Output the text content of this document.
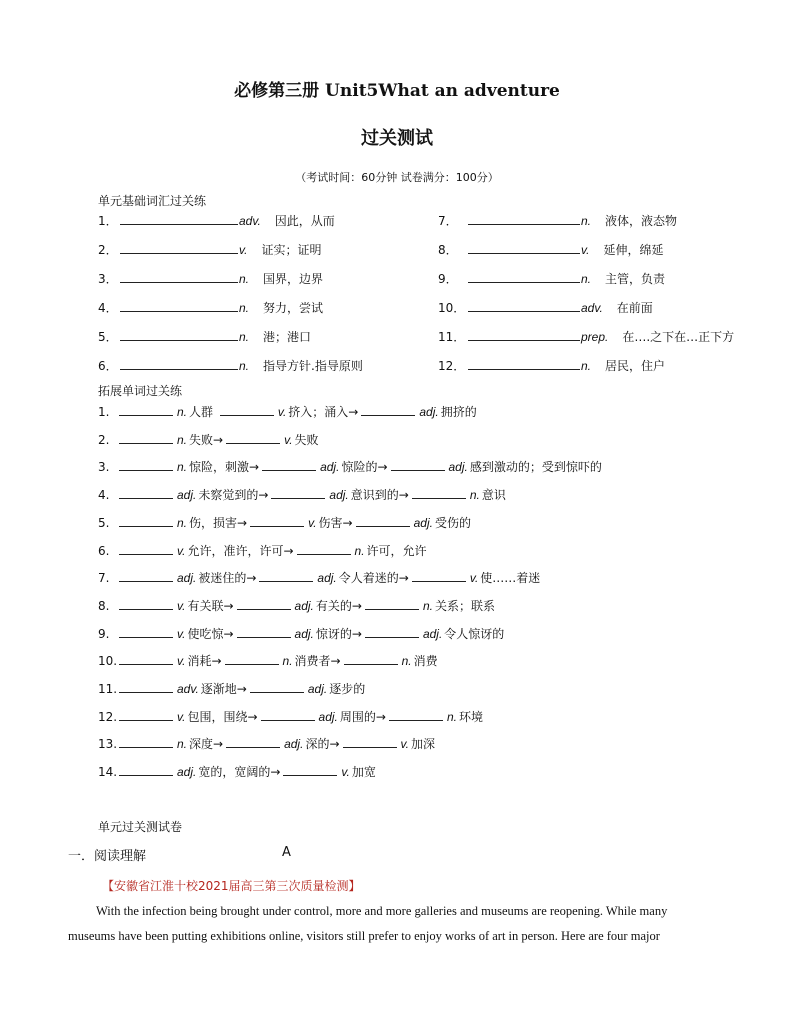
必修第三册 Unit5What an adventure
过关测试
（考试时间：60分钟 试卷满分：100分）
单元基础词汇过关练
1．	adv. 因此，从而
2．	v. 证实；证明
3．	n. 国界，边界
4．	n. 努力，尝试
5．	n. 港；港口
6．	n. 指导方针.指导原则
7．	n. 液体，液态物
8．	v. 延伸，绵延
9．	n. 主管，负责
10．	adv. 在前面
11．	prep. 在….之下在…正下方
12．	n. 居民，住户
拓展单词过关练
1.	n. 人群	v. 挤入；涌入→	adj. 拥挤的
2.	n. 失败→	v. 失败
3.	n. 惊险，刺激→	adj. 惊险的→	adj. 感到激动的；受到惊吓的
4.	adj. 未察觉到的→	adj. 意识到的→	n. 意识
5.	n. 伤，损害→	v. 伤害→	adj. 受伤的
6.	v. 允许，准许，许可→	n. 许可，允许
7.	adj. 被迷住的→	adj. 令人着迷的→	v. 使……着迷
8.	v. 有关联→	adj. 有关的→	n. 关系；联系
9.	v. 使吃惊→	adj. 惊讶的→	adj. 令人惊讶的
10.	v. 消耗→	n. 消费者→	n. 消费
11.	adv. 逐渐地→	adj. 逐步的
12.	v. 包围，围绕→	adj. 周围的→	n. 环境
13.	n. 深度→	adj. 深的→	v. 加深
14.	adj. 宽的，宽阔的→	v. 加宽
单元过关测试卷
一．阅读理解	A
【安徽省江淮十校2021届高三第三次质量检测】
With the infection being brought under control, more and more galleries and museums are reopening. While many
museums have been putting exhibitions online, visitors still prefer to enjoy works of art in person. Here are four major
